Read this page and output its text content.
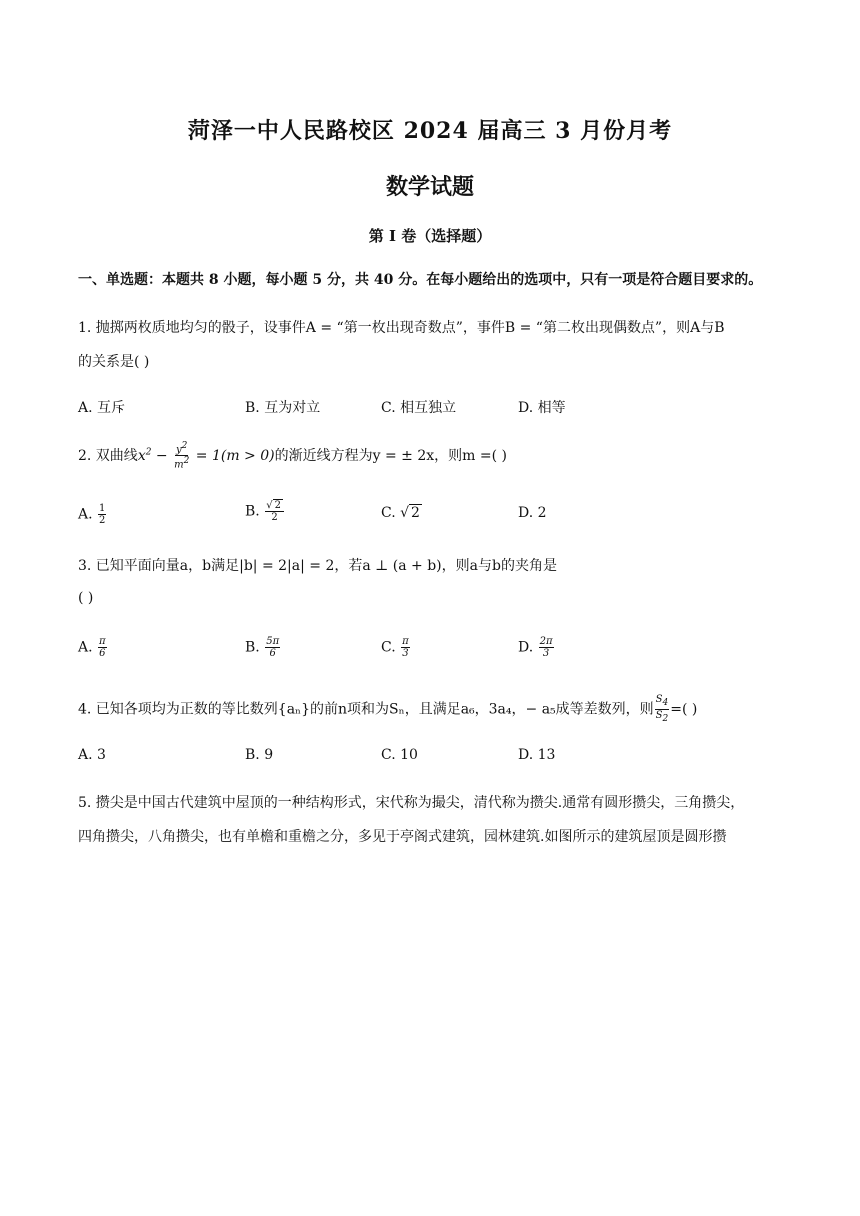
菏泽一中人民路校区 2024 届高三 3 月份月考
数学试题
第 I 卷（选择题）
一、单选题：本题共 8 小题，每小题 5 分，共 40 分。在每小题给出的选项中，只有一项是符合题目要求的。
1. 抛掷两枚质地均匀的骰子，设事件A = “第一枚出现奇数点”，事件B = “第二枚出现偶数点”，则A与B
的关系是( )
A. 互斥	B. 互为对立	C. 相互独立	D. 相等
2. 双曲线$x^2 - \frac{y^2}{m^2} = 1(m > 0)$的渐近线方程为y = ± 2x，则m =( )
A. $\frac{1}{2}$	B. $\frac{√ 2}{2}$	C. √ 2	D. 2
3. 已知平面向量a，b满足|b| = 2|a| = 2，若a ⊥ (a + b)，则a与b的夹角是
( )
A. $\frac{\pi}{6}$	B. $\frac{5\pi}{6}$	C. $\frac{\pi}{3}$	D. $\frac{2\pi}{3}$
4. 已知各项均为正数的等比数列{aₙ}的前n项和为Sₙ，且满足a₆，3a₄，− a₅成等差数列，则 $\frac{S_4}{S_2}$ =( )
A. 3	B. 9	C. 10	D. 13
5. 攒尖是中国古代建筑中屋顶的一种结构形式，宋代称为撮尖，清代称为攒尖.通常有圆形攒尖，三角攒尖，
四角攒尖，八角攒尖，也有单檐和重檐之分，多见于亭阁式建筑，园林建筑.如图所示的建筑屋顶是圆形攒
